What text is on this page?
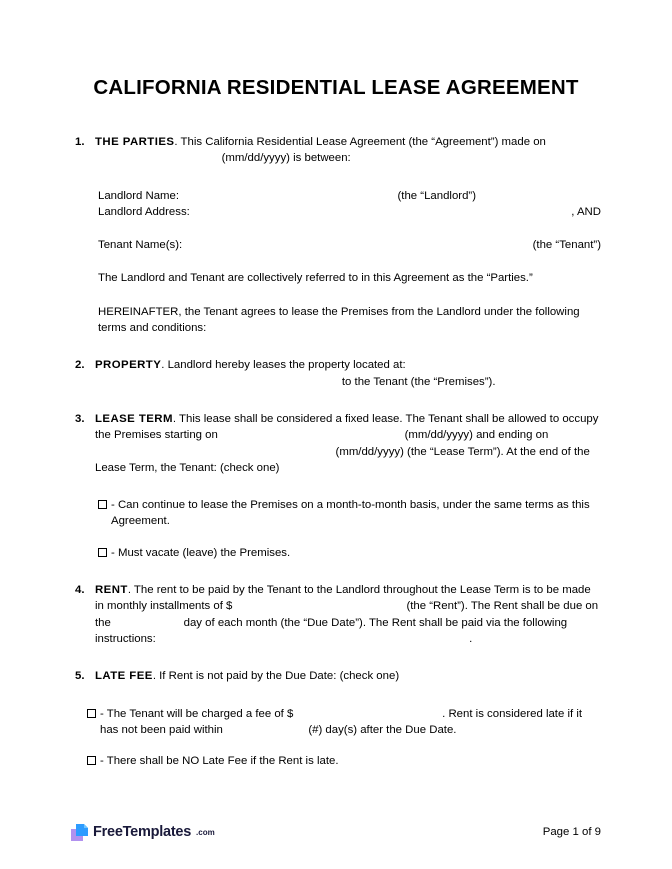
CALIFORNIA RESIDENTIAL LEASE AGREEMENT
1. THE PARTIES. This California Residential Lease Agreement (the “Agreement”) made on                                         (mm/dd/yyyy) is between:
Landlord Name:	(the “Landlord”)
Landlord Address:	, AND
Tenant Name(s):	(the “Tenant”)
The Landlord and Tenant are collectively referred to in this Agreement as the “Parties.”
HEREINAFTER, the Tenant agrees to lease the Premises from the Landlord under the following terms and conditions:
2. PROPERTY. Landlord hereby leases the property located at:                                                                               to the Tenant (the “Premises”).
3. LEASE TERM. This lease shall be considered a fixed lease. The Tenant shall be allowed to occupy the Premises starting on	(mm/dd/yyyy) and ending on                                                                             (mm/dd/yyyy) (the “Lease Term”). At the end of the Lease Term, the Tenant: (check one)
- Can continue to lease the Premises on a month-to-month basis, under the same terms as this Agreement.
- Must vacate (leave) the Premises.
4. RENT. The rent to be paid by the Tenant to the Landlord throughout the Lease Term is to be made in monthly installments of $	(the “Rent”). The Rent shall be due on the	day of each month (the “Due Date”). The Rent shall be paid via the following instructions:	.
5. LATE FEE. If Rent is not paid by the Due Date: (check one)
- The Tenant will be charged a fee of $	. Rent is considered late if it has not been paid within	(#) day(s) after the Due Date.
- There shall be NO Late Fee if the Rent is late.
FreeTemplates .com	Page 1 of 9
